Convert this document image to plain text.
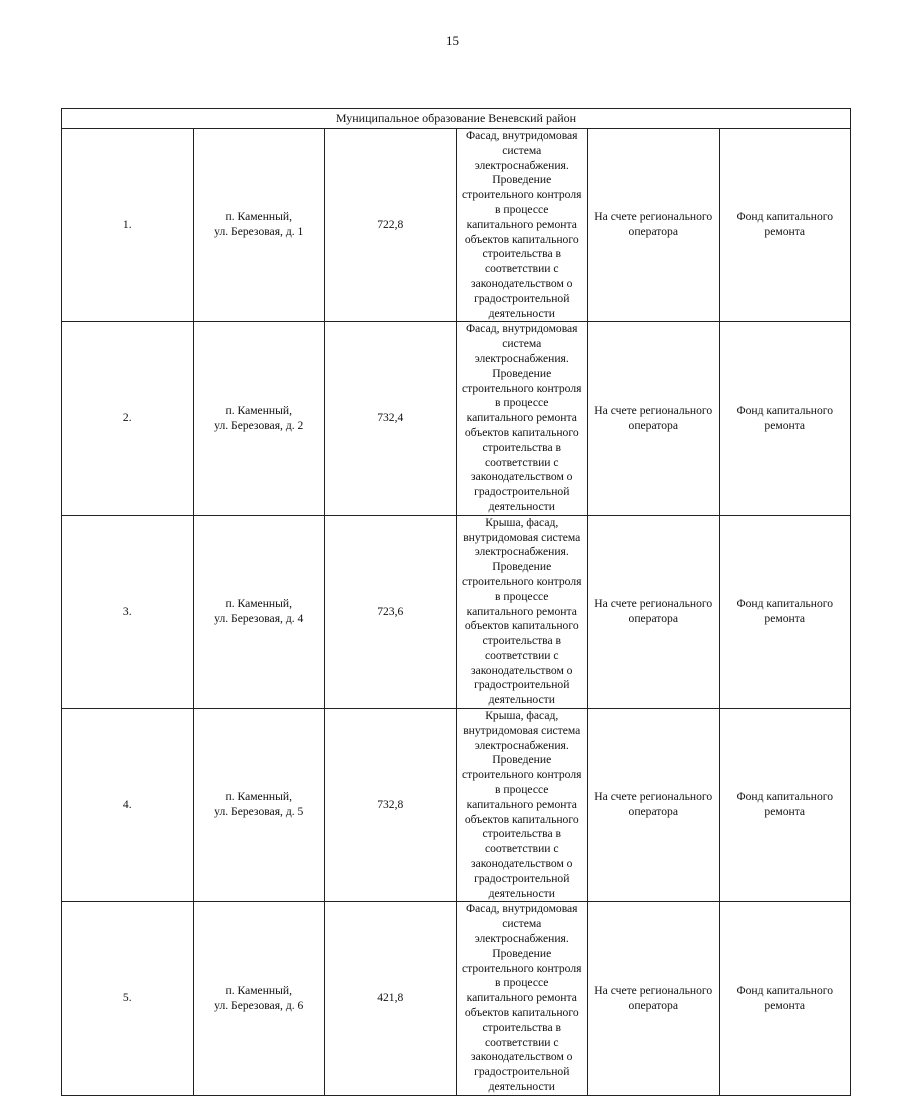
15
Муниципальное образование Веневский район					
1.	п. Каменный,
ул. Березовая, д. 1	722,8	Фасад, внутридомовая система электроснабжения. Проведение строительного контроля в процессе капитального ремонта объектов капитального строительства в соответствии с законодательством о градостроительной деятельности	На счете регионального оператора	Фонд капитального ремонта
2.	п. Каменный,
ул. Березовая, д. 2	732,4	Фасад, внутридомовая система электроснабжения. Проведение строительного контроля в процессе капитального ремонта объектов капитального строительства в соответствии с законодательством о градостроительной деятельности	На счете регионального оператора	Фонд капитального ремонта
3.	п. Каменный,
ул. Березовая, д. 4	723,6	Крыша, фасад, внутридомовая система электроснабжения. Проведение строительного контроля в процессе капитального ремонта объектов капитального строительства в соответствии с законодательством о градостроительной деятельности	На счете регионального оператора	Фонд капитального ремонта
4.	п. Каменный,
ул. Березовая, д. 5	732,8	Крыша, фасад, внутридомовая система электроснабжения. Проведение строительного контроля в процессе капитального ремонта объектов капитального строительства в соответствии с законодательством о градостроительной деятельности	На счете регионального оператора	Фонд капитального ремонта
5.	п. Каменный,
ул. Березовая, д. 6	421,8	Фасад, внутридомовая система электроснабжения. Проведение строительного контроля в процессе капитального ремонта объектов капитального строительства в соответствии с законодательством о градостроительной деятельности	На счете регионального оператора	Фонд капитального ремонта
